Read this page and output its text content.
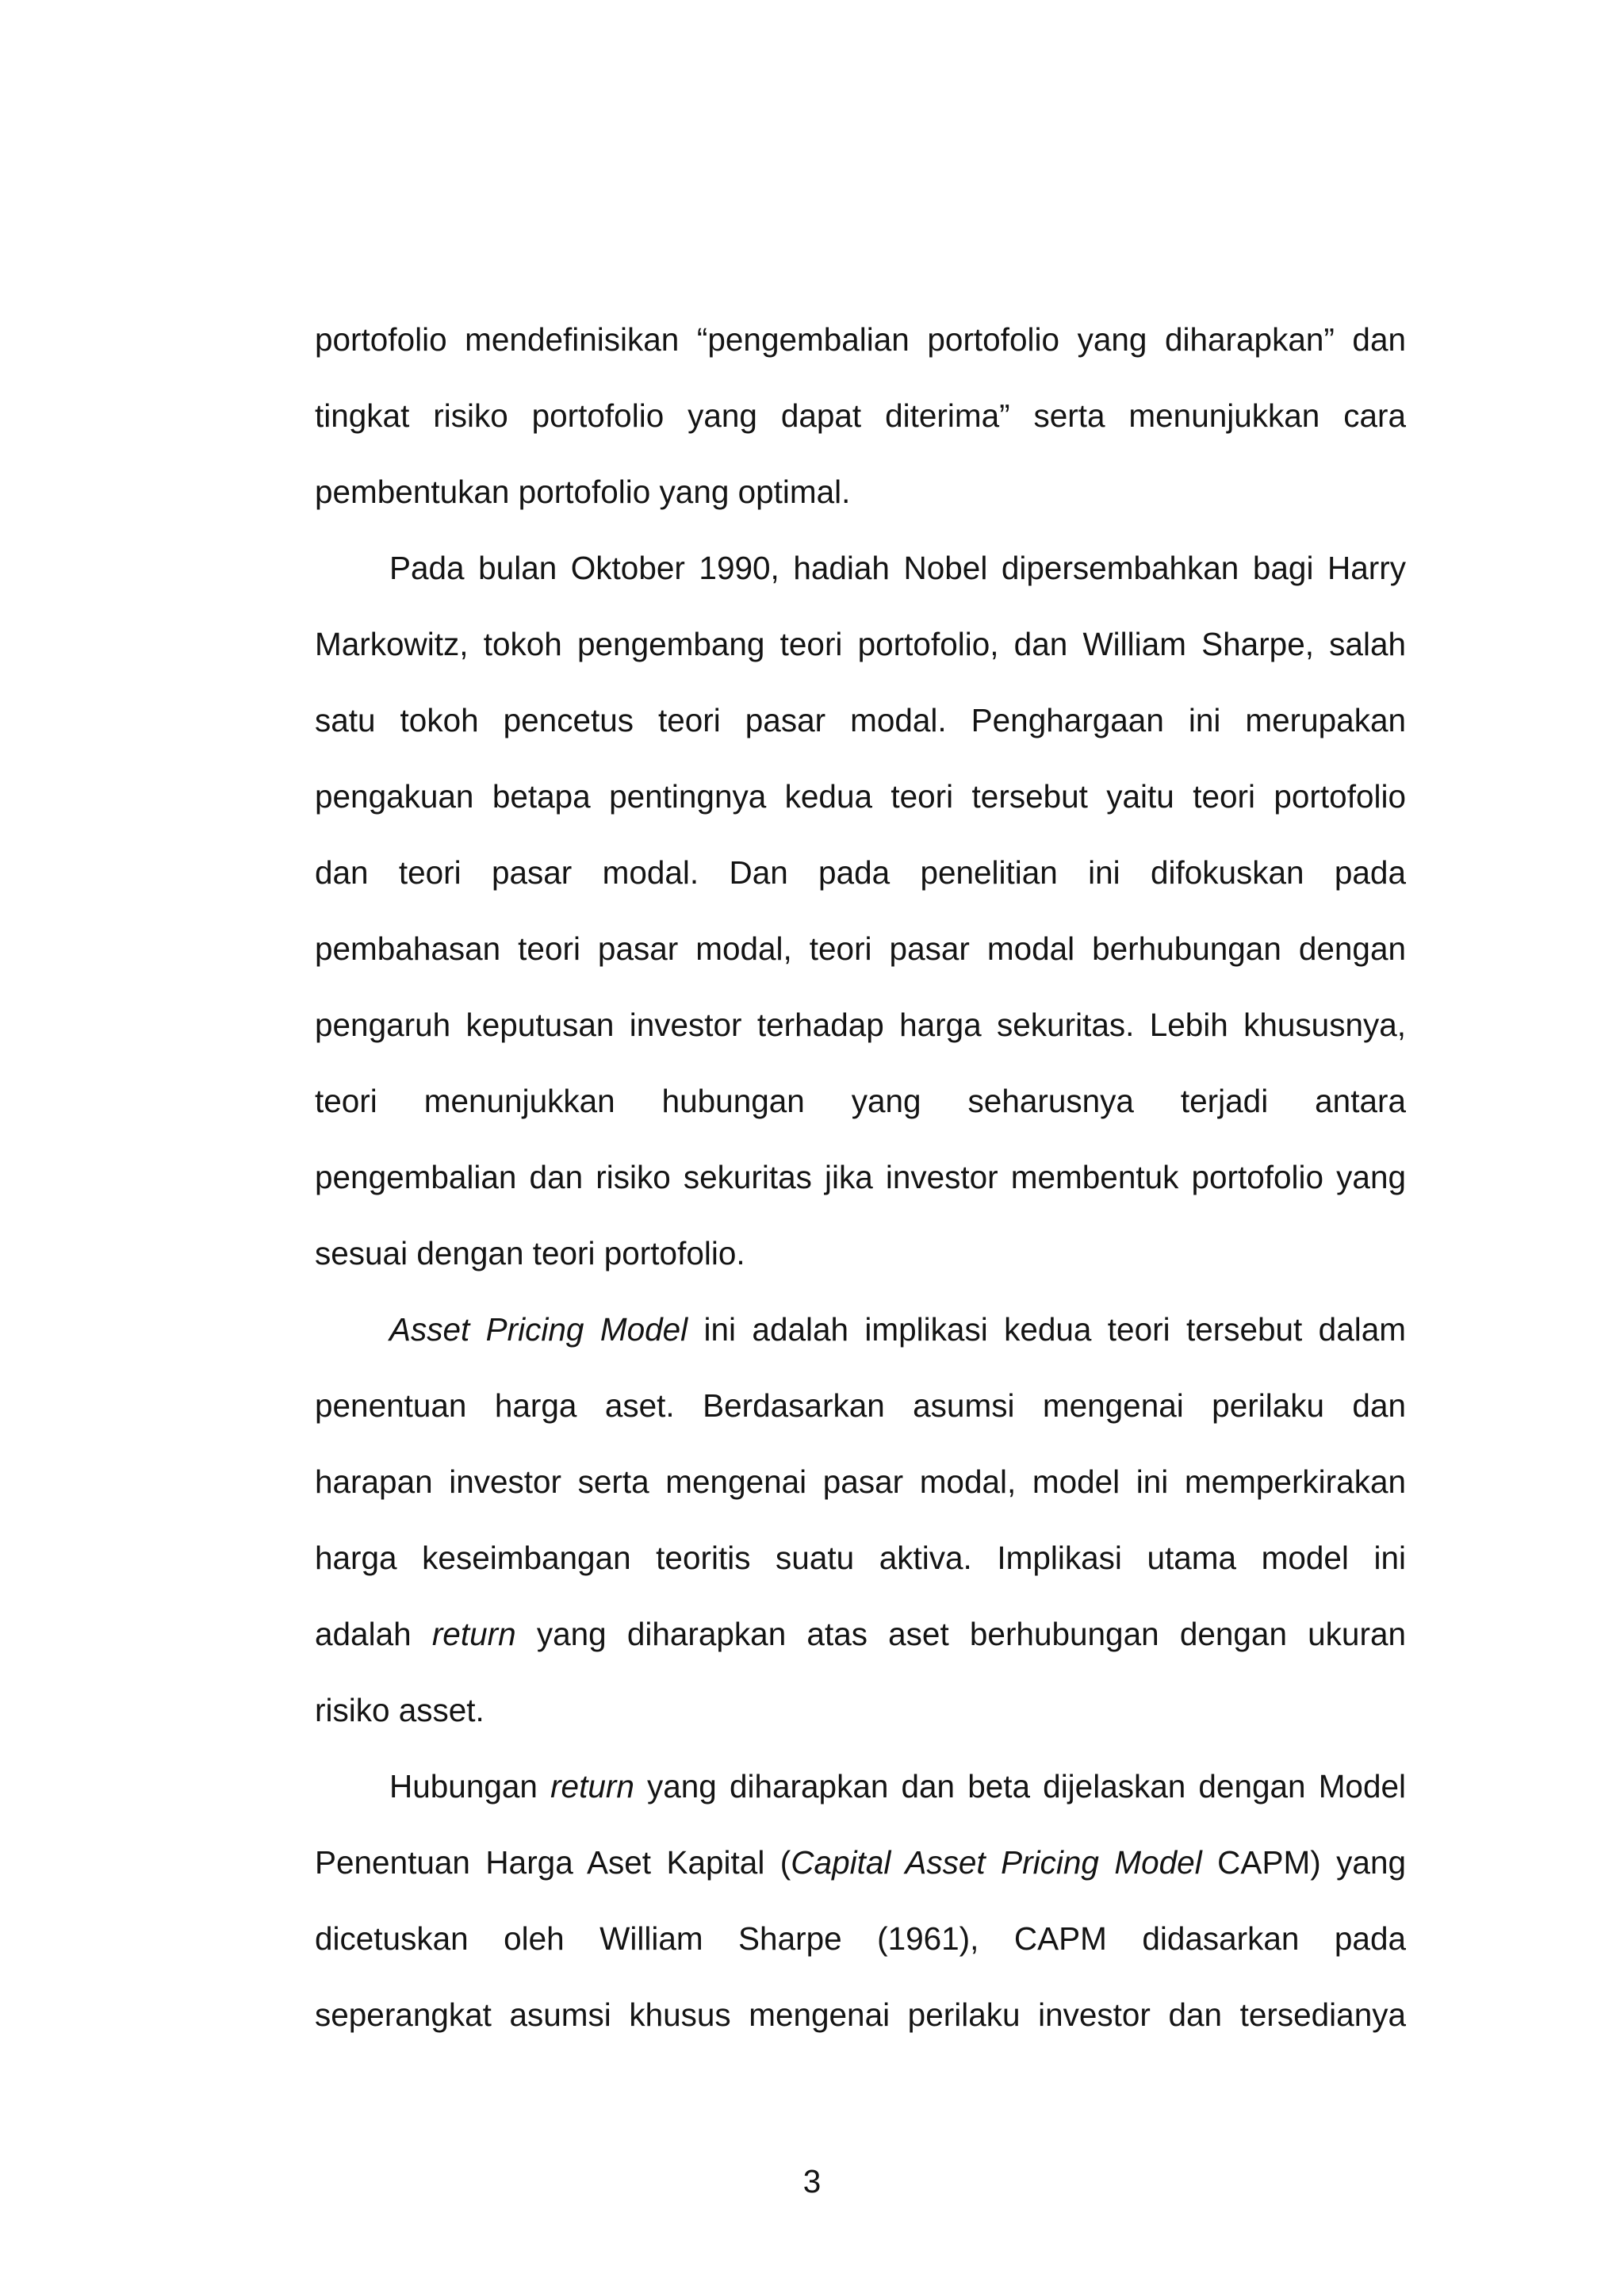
portofolio mendefinisikan “pengembalian portofolio yang diharapkan” dan
tingkat risiko portofolio yang dapat diterima” serta menunjukkan cara
pembentukan portofolio yang optimal.
Pada bulan Oktober 1990, hadiah Nobel dipersembahkan bagi Harry
Markowitz, tokoh pengembang teori portofolio, dan William Sharpe, salah
satu tokoh pencetus teori pasar modal. Penghargaan ini merupakan
pengakuan betapa pentingnya kedua teori tersebut yaitu teori portofolio
dan teori pasar modal. Dan pada penelitian ini difokuskan pada
pembahasan teori pasar modal, teori pasar modal berhubungan dengan
pengaruh keputusan investor terhadap harga sekuritas. Lebih khususnya,
teori menunjukkan hubungan yang seharusnya terjadi antara
pengembalian dan risiko sekuritas jika investor membentuk portofolio yang
sesuai dengan teori portofolio.
Asset Pricing Model ini adalah implikasi kedua teori tersebut dalam
penentuan harga aset. Berdasarkan asumsi mengenai perilaku dan
harapan investor serta mengenai pasar modal, model ini memperkirakan
harga keseimbangan teoritis suatu aktiva. Implikasi utama model ini
adalah return yang diharapkan atas aset berhubungan dengan ukuran
risiko asset.
Hubungan return yang diharapkan dan beta dijelaskan dengan Model
Penentuan Harga Aset Kapital (Capital Asset Pricing Model CAPM) yang
dicetuskan oleh William Sharpe (1961), CAPM didasarkan pada
seperangkat asumsi khusus mengenai perilaku investor dan tersedianya
3
